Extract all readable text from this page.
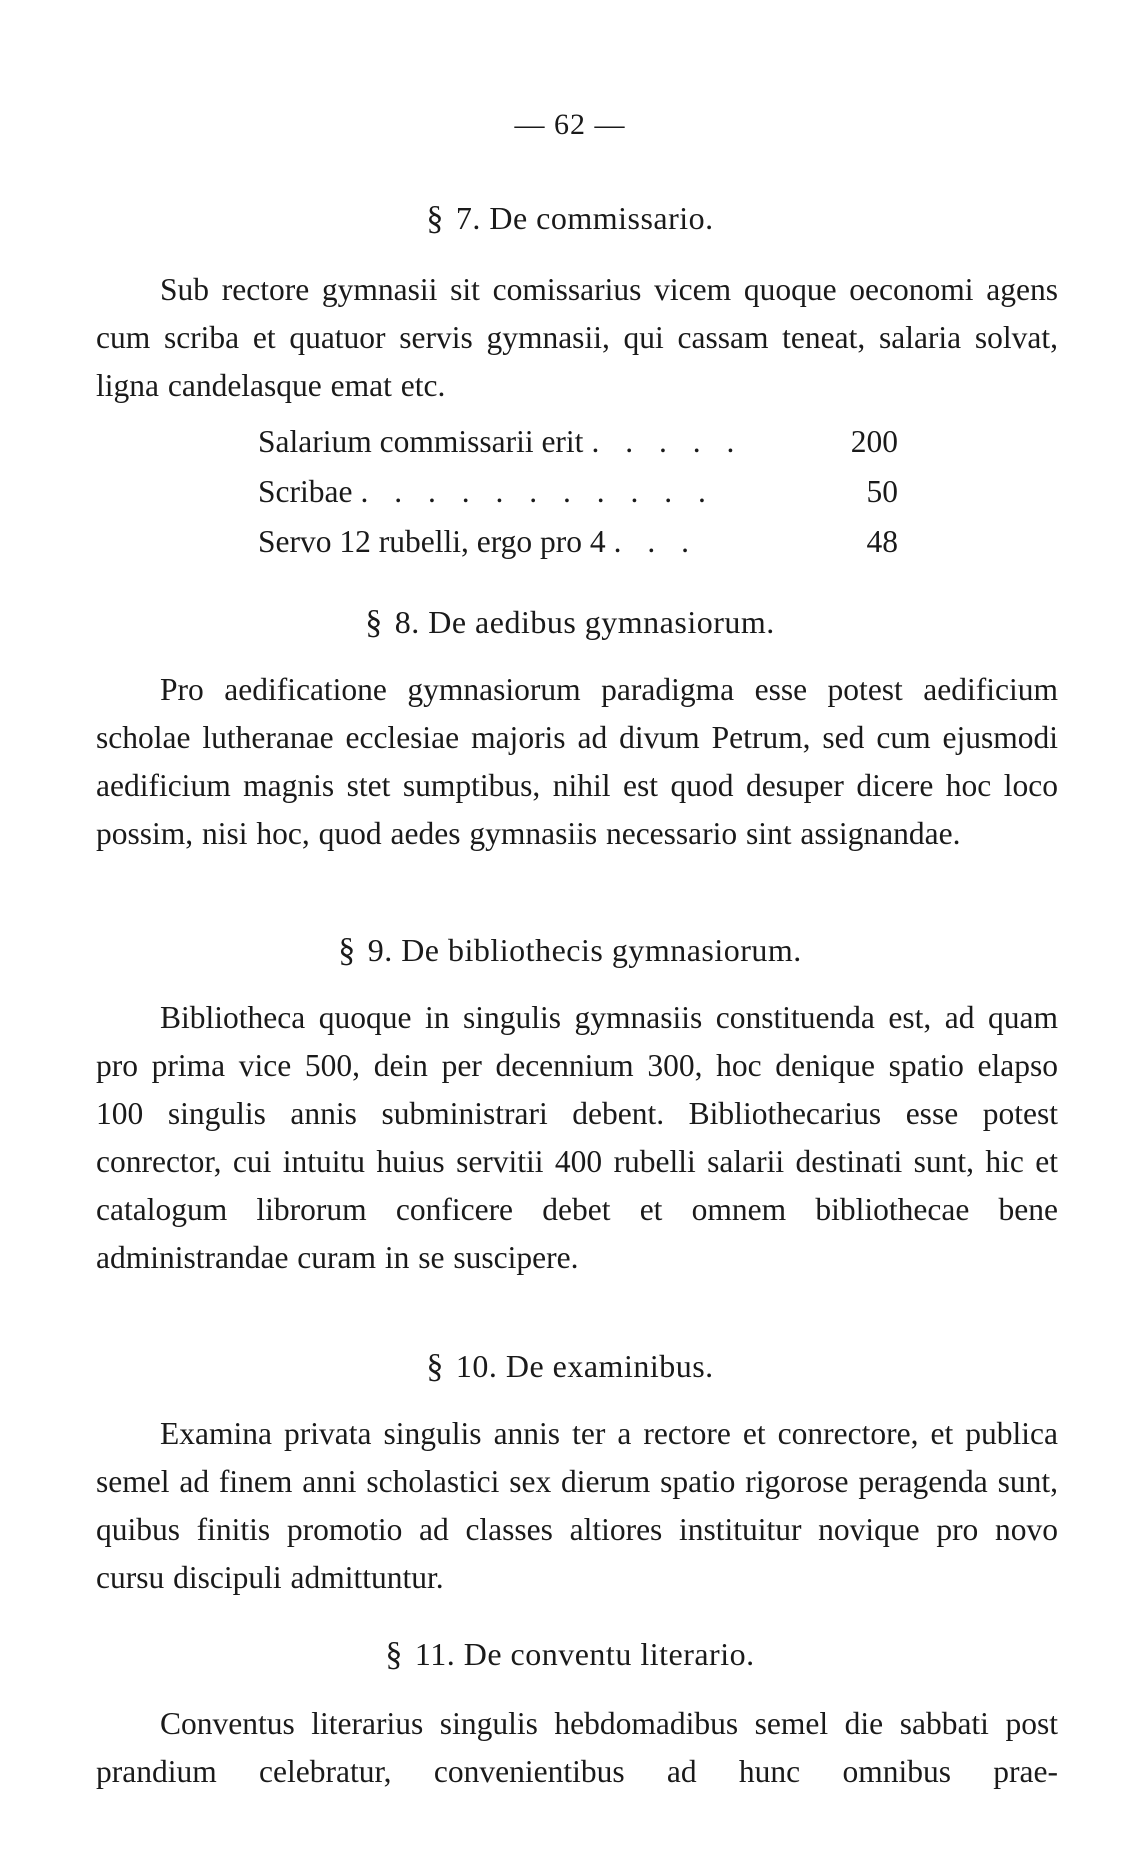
— 62 —
§ 7. De commissario.
Sub rectore gymnasii sit comissarius vicem quoque oeconomi agens cum scriba et quatuor servis gymnasii, qui cassam teneat, salaria solvat, ligna candelasque emat etc.
Salarium commissarii erit . . . . .	200
Scribae . . . . . . . . . . .	50
Servo 12 rubelli, ergo pro 4 . . .	48
§ 8. De aedibus gymnasiorum.
Pro aedificatione gymnasiorum paradigma esse potest aedificium scholae lutheranae ecclesiae majoris ad divum Petrum, sed cum ejusmodi aedificium magnis stet sumptibus, nihil est quod desuper dicere hoc loco possim, nisi hoc, quod aedes gymnasiis necessario sint assignandae.
§ 9. De bibliothecis gymnasiorum.
Bibliotheca quoque in singulis gymnasiis constituenda est, ad quam pro prima vice 500, dein per decennium 300, hoc denique spatio elapso 100 singulis annis subministrari debent. Bibliothecarius esse potest conrector, cui intuitu huius servitii 400 rubelli salarii destinati sunt, hic et catalogum librorum conficere debet et omnem bibliothecae bene administrandae curam in se suscipere.
§ 10. De examinibus.
Examina privata singulis annis ter a rectore et conrectore, et publica semel ad finem anni scholastici sex dierum spatio rigorose peragenda sunt, quibus finitis promotio ad classes altiores instituitur novique pro novo cursu discipuli admittuntur.
§ 11. De conventu literario.
Conventus literarius singulis hebdomadibus semel die sabbati post prandium celebratur, convenientibus ad hunc omnibus prae-
